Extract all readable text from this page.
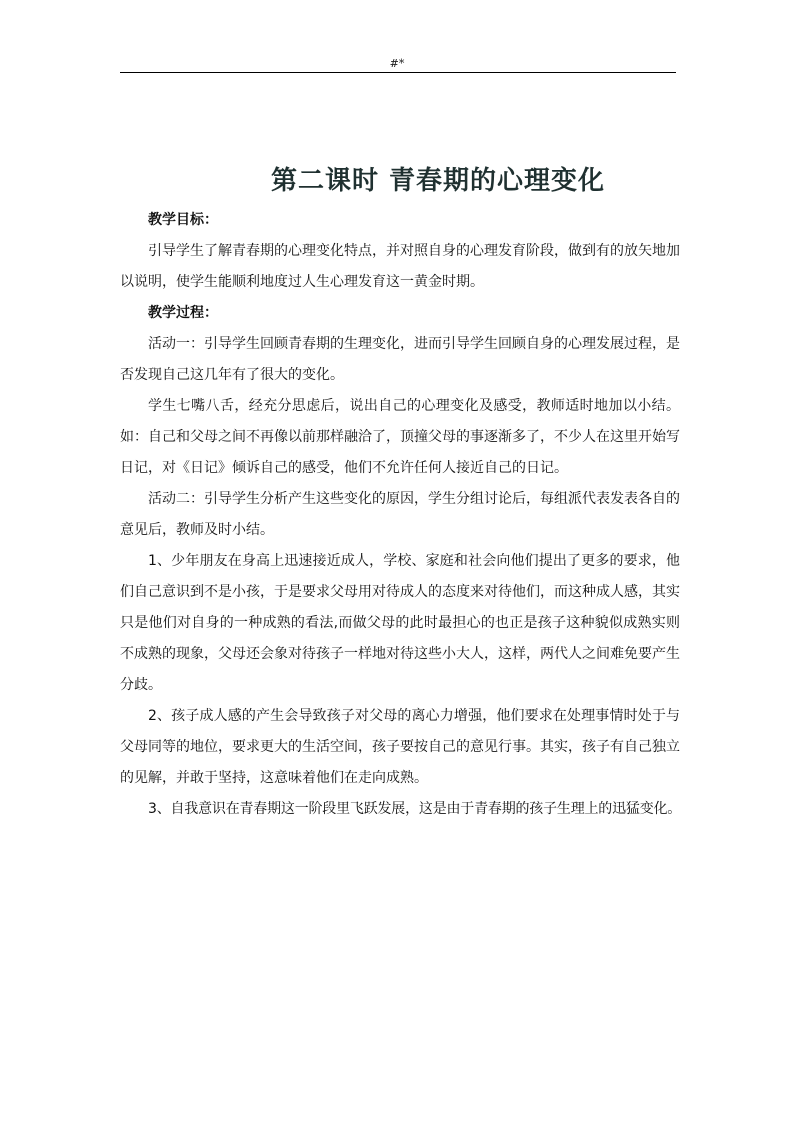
#*
第二课时 青春期的心理变化

教学目标：

引导学生了解青春期的心理变化特点，并对照自身的心理发育阶段，做到有的放矢地加以说明，使学生能顺利地度过人生心理发育这一黄金时期。

教学过程：

活动一：引导学生回顾青春期的生理变化，进而引导学生回顾自身的心理发展过程，是否发现自己这几年有了很大的变化。

学生七嘴八舌，经充分思虑后，说出自己的心理变化及感受，教师适时地加以小结。如：自己和父母之间不再像以前那样融洽了，顶撞父母的事逐渐多了，不少人在这里开始写日记，对《日记》倾诉自己的感受，他们不允许任何人接近自己的日记。

活动二：引导学生分析产生这些变化的原因，学生分组讨论后，每组派代表发表各自的意见后，教师及时小结。

1、少年朋友在身高上迅速接近成人，学校、家庭和社会向他们提出了更多的要求，他们自己意识到不是小孩，于是要求父母用对待成人的态度来对待他们，而这种成人感，其实只是他们对自身的一种成熟的看法,而做父母的此时最担心的也正是孩子这种貌似成熟实则不成熟的现象，父母还会象对待孩子一样地对待这些小大人，这样，两代人之间难免要产生分歧。

2、孩子成人感的产生会导致孩子对父母的离心力增强，他们要求在处理事情时处于与父母同等的地位，要求更大的生活空间，孩子要按自己的意见行事。其实，孩子有自己独立的见解，并敢于坚持，这意味着他们在走向成熟。

3、自我意识在青春期这一阶段里飞跃发展，这是由于青春期的孩子生理上的迅猛变化。
